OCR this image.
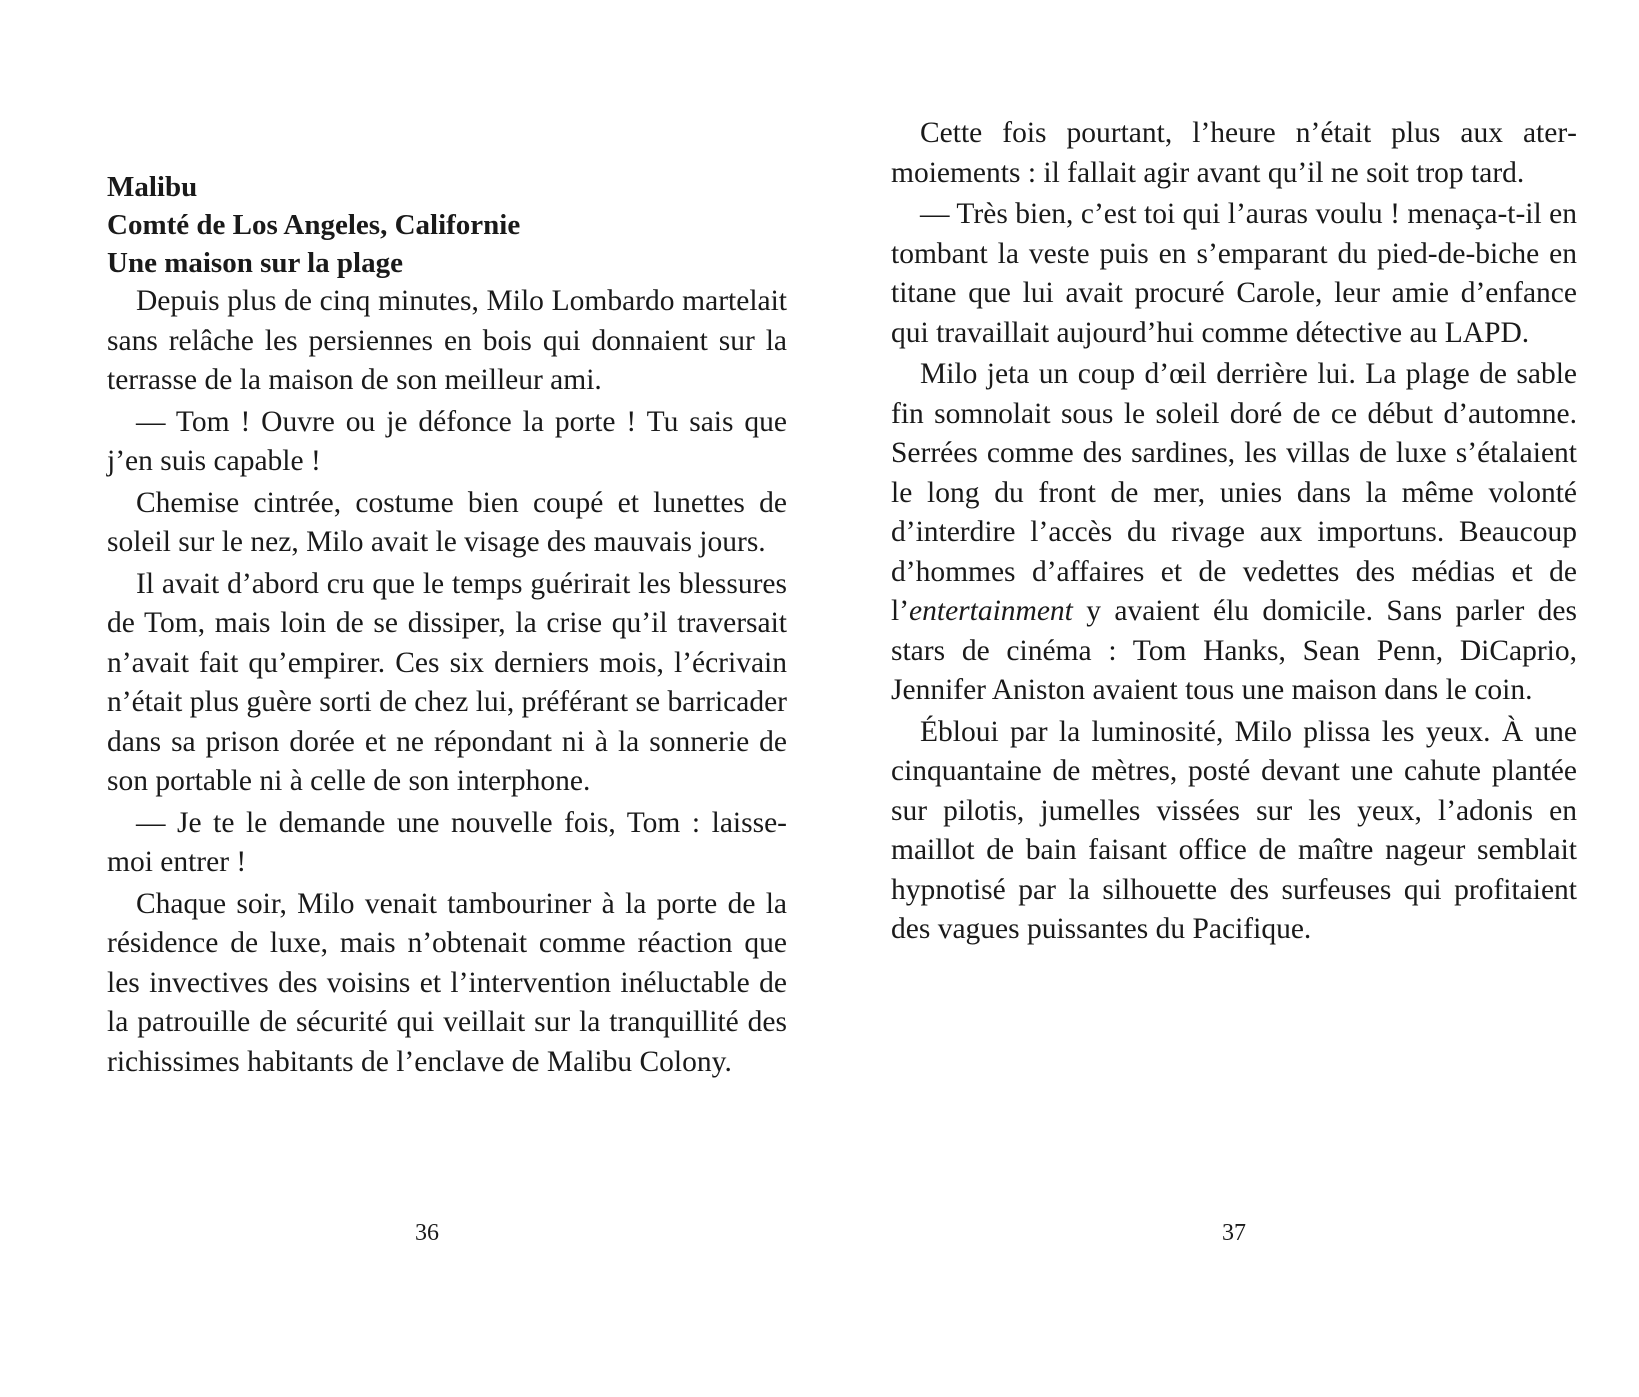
Malibu

Comté de Los Angeles, Californie

Une maison sur la plage

Depuis plus de cinq minutes, Milo Lombardo martelait sans relâche les persiennes en bois qui donnaient sur la terrasse de la maison de son meilleur ami.

— Tom ! Ouvre ou je défonce la porte ! Tu sais que j’en suis capable !

Chemise cintrée, costume bien coupé et lunettes de soleil sur le nez, Milo avait le visage des mauvais jours.

Il avait d’abord cru que le temps guérirait les blessures de Tom, mais loin de se dissiper, la crise qu’il traversait n’avait fait qu’empirer. Ces six derniers mois, l’écrivain n’était plus guère sorti de chez lui, préférant se barricader dans sa prison dorée et ne répondant ni à la sonnerie de son portable ni à celle de son interphone.

— Je te le demande une nouvelle fois, Tom : laisse-moi entrer !

Chaque soir, Milo venait tambouriner à la porte de la résidence de luxe, mais n’obtenait comme réaction que les invectives des voisins et l’intervention inéluctable de la patrouille de sécurité qui veillait sur la tranquillité des richissimes habitants de l’enclave de Malibu Colony.

36

Cette fois pourtant, l’heure n’était plus aux atermoiements : il fallait agir avant qu’il ne soit trop tard.

— Très bien, c’est toi qui l’auras voulu ! menaça-t-il en tombant la veste puis en s’emparant du pied-de-biche en titane que lui avait procuré Carole, leur amie d’enfance qui travaillait aujourd’hui comme détective au LAPD.

Milo jeta un coup d’œil derrière lui. La plage de sable fin somnolait sous le soleil doré de ce début d’automne. Serrées comme des sardines, les villas de luxe s’étalaient le long du front de mer, unies dans la même volonté d’interdire l’accès du rivage aux importuns. Beaucoup d’hommes d’affaires et de vedettes des médias et de l’entertainment y avaient élu domicile. Sans parler des stars de cinéma : Tom Hanks, Sean Penn, DiCaprio, Jennifer Aniston avaient tous une maison dans le coin.

Ébloui par la luminosité, Milo plissa les yeux. À une cinquantaine de mètres, posté devant une cahute plantée sur pilotis, jumelles vissées sur les yeux, l’adonis en maillot de bain faisant office de maître nageur semblait hypnotisé par la silhouette des surfeuses qui profitaient des vagues puissantes du Pacifique.

37
